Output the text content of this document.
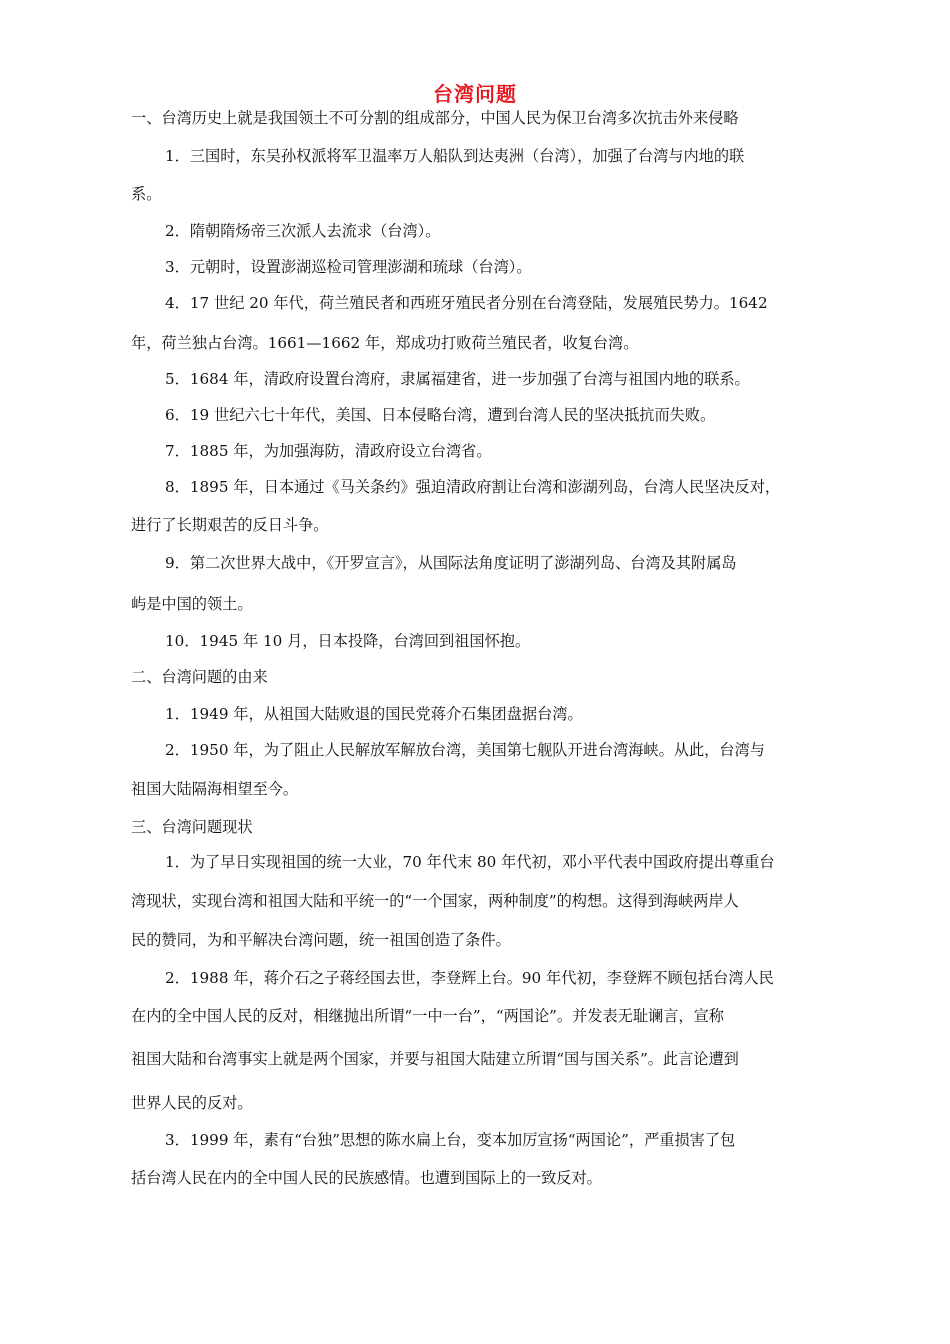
台湾问题
一、台湾历史上就是我国领土不可分割的组成部分，中国人民为保卫台湾多次抗击外来侵略
1．三国时，东吴孙权派将军卫温率万人船队到达夷洲（台湾），加强了台湾与内地的联
系。
2．隋朝隋炀帝三次派人去流求（台湾）。
3．元朝时，设置澎湖巡检司管理澎湖和琉球（台湾）。
4．17 世纪 20 年代，荷兰殖民者和西班牙殖民者分别在台湾登陆，发展殖民势力。1642
年，荷兰独占台湾。1661—1662 年，郑成功打败荷兰殖民者，收复台湾。
5．1684 年，清政府设置台湾府，隶属福建省，进一步加强了台湾与祖国内地的联系。
6．19 世纪六七十年代，美国、日本侵略台湾，遭到台湾人民的坚决抵抗而失败。
7．1885 年，为加强海防，清政府设立台湾省。
8．1895 年，日本通过《马关条约》强迫清政府割让台湾和澎湖列岛，台湾人民坚决反对，
进行了长期艰苦的反日斗争。
9．第二次世界大战中，《开罗宣言》，从国际法角度证明了澎湖列岛、台湾及其附属岛
屿是中国的领土。
10．1945 年 10 月，日本投降，台湾回到祖国怀抱。
二、台湾问题的由来
1．1949 年，从祖国大陆败退的国民党蒋介石集团盘据台湾。
2．1950 年，为了阻止人民解放军解放台湾，美国第七舰队开进台湾海峡。从此，台湾与
祖国大陆隔海相望至今。
三、台湾问题现状
1．为了早日实现祖国的统一大业，70 年代末 80 年代初，邓小平代表中国政府提出尊重台
湾现状，实现台湾和祖国大陆和平统一的“一个国家，两种制度”的构想。这得到海峡两岸人
民的赞同，为和平解决台湾问题，统一祖国创造了条件。
2．1988 年，蒋介石之子蒋经国去世，李登辉上台。90 年代初，李登辉不顾包括台湾人民
在内的全中国人民的反对，相继抛出所谓“一中一台”，“两国论”。并发表无耻谰言，宣称
祖国大陆和台湾事实上就是两个国家，并要与祖国大陆建立所谓“国与国关系”。此言论遭到
世界人民的反对。
3．1999 年，素有“台独”思想的陈水扁上台，变本加厉宣扬“两国论”，严重损害了包
括台湾人民在内的全中国人民的民族感情。也遭到国际上的一致反对。
